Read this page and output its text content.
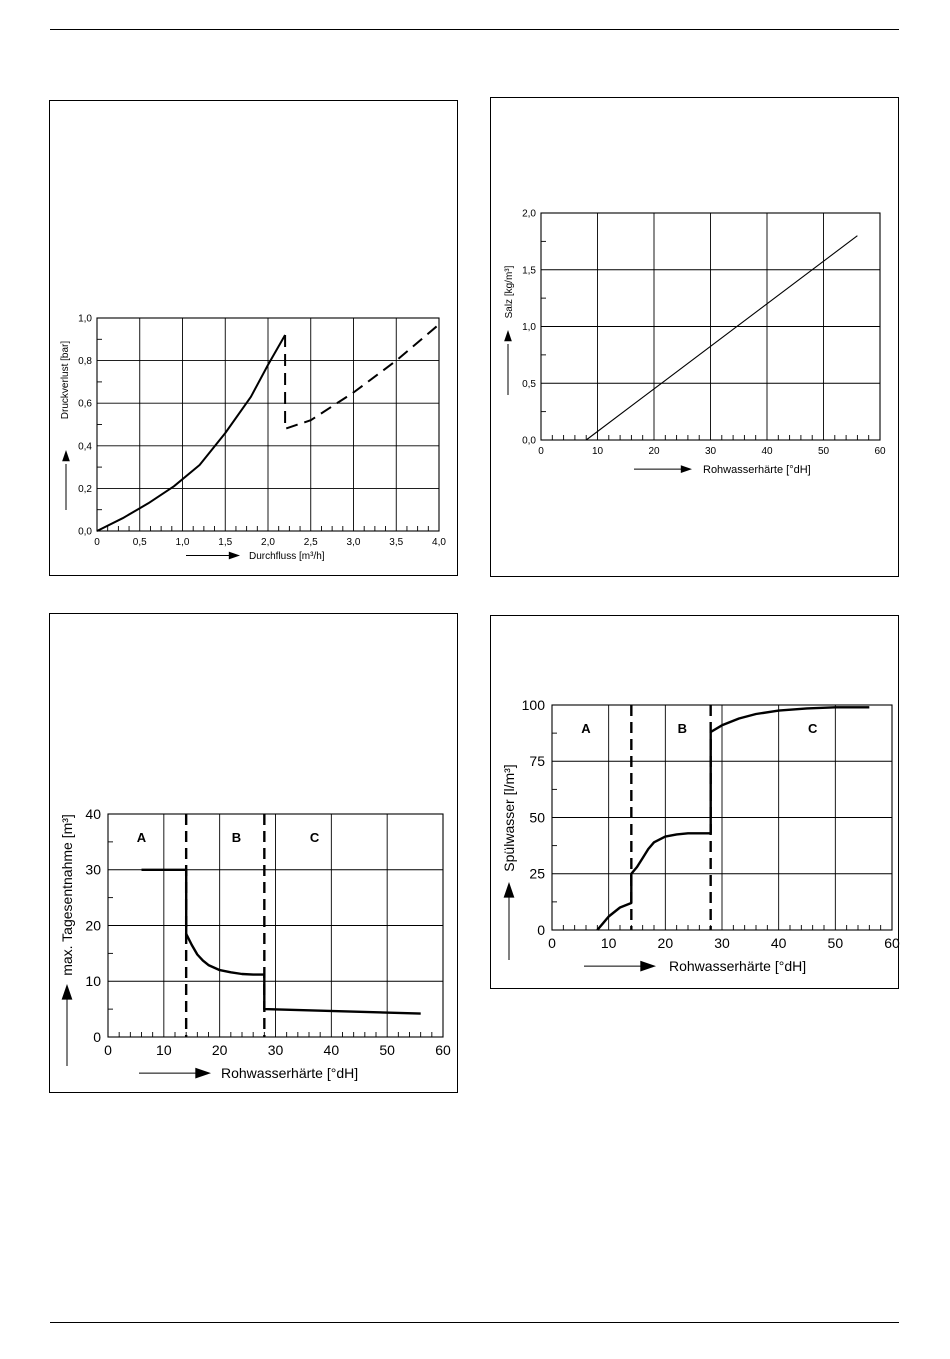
0	0,5	1,0	1,5	2,0	2,5	3,0	3,5	4,0
0,0
0,2
0,4
0,6
0,8
1,0
Durchfluss [m³/h]
Druckverlust [bar]
0	10	20	30	40	50	60
0,0
0,5
1,0
1,5
2,0
Rohwasserhärte [°dH]
Salz [kg/m³]
0	10	20	30	40	50	60
0
10
20
30
40
Rohwasserhärte [°dH]
max. Tagesentnahme [m³]	A	B	C
0	10	20	30	40	50	60
0
25
50
75
100
Rohwasserhärte [°dH]
Spülwasser [l/m³]
A	B	C
